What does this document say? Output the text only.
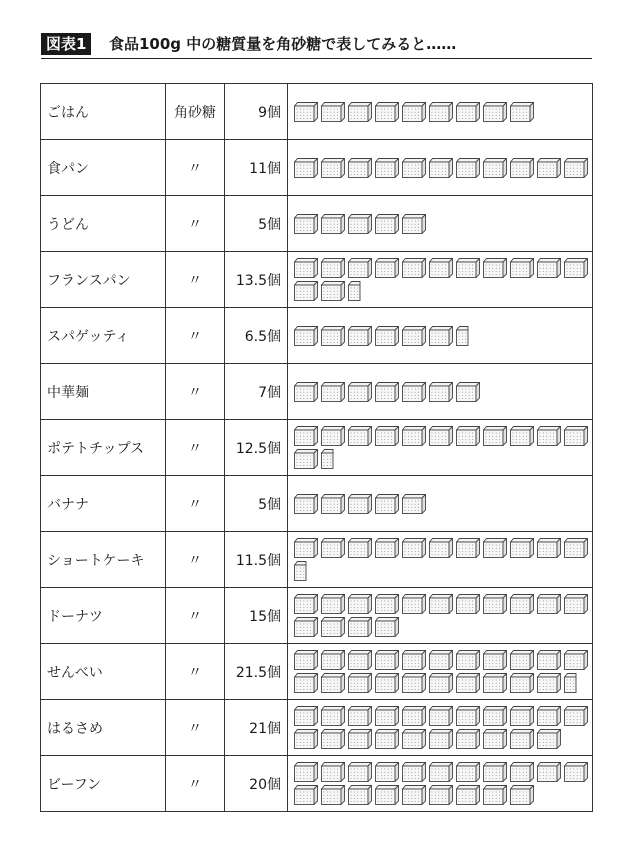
図表1	食品100g 中の糖質量を角砂糖で表してみると……
ごはん	角砂糖	9個	

食パン	〃	11個	

うどん	〃	5個	

フランスパン	〃	13.5個	

スパゲッティ	〃	6.5個	

中華麺	〃	7個	

ポテトチップス	〃	12.5個	

バナナ	〃	5個	

ショートケーキ	〃	11.5個	

ドーナツ	〃	15個	

せんべい	〃	21.5個	

はるさめ	〃	21個	

ビーフン	〃	20個	
